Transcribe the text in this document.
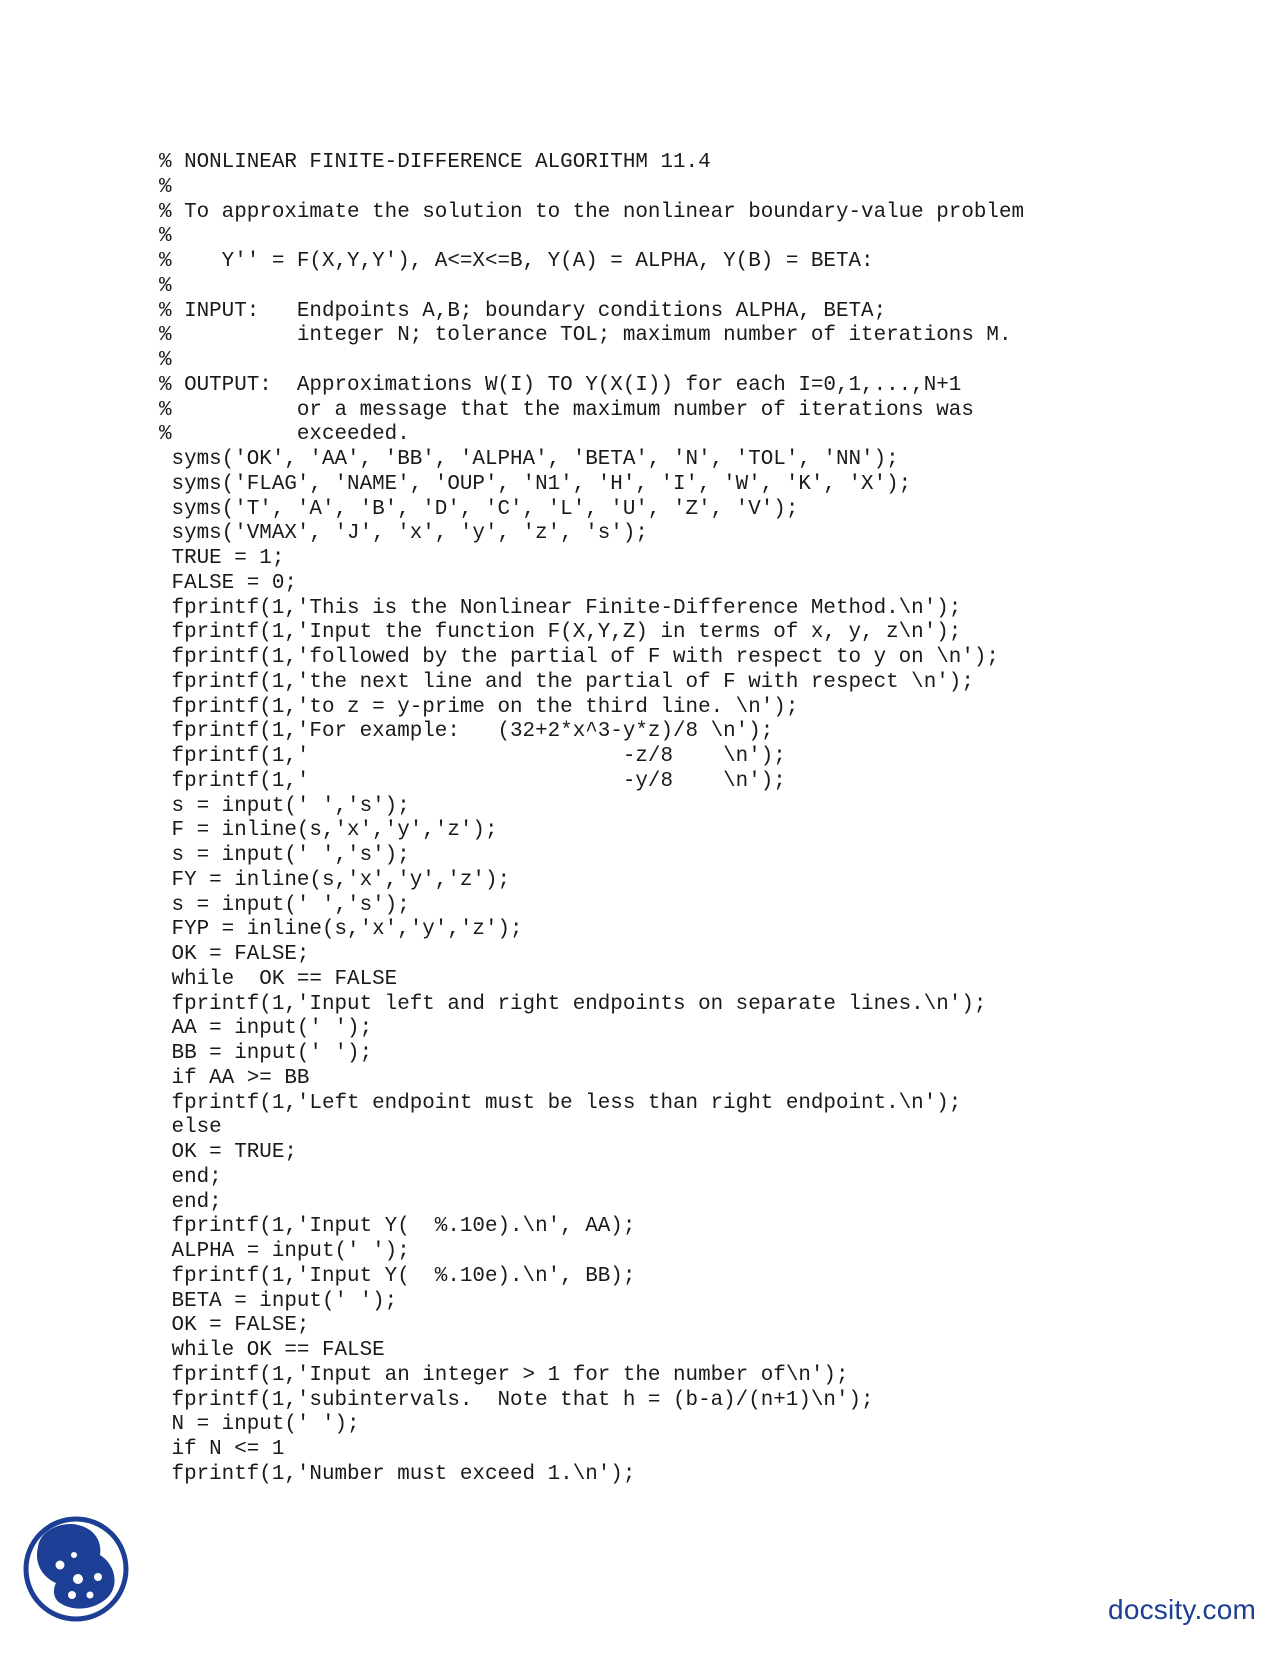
% NONLINEAR FINITE-DIFFERENCE ALGORITHM 11.4
%
% To approximate the solution to the nonlinear boundary-value problem
%
%    Y'' = F(X,Y,Y'), A<=X<=B, Y(A) = ALPHA, Y(B) = BETA:
%
% INPUT:   Endpoints A,B; boundary conditions ALPHA, BETA;
%          integer N; tolerance TOL; maximum number of iterations M.
%
% OUTPUT:  Approximations W(I) TO Y(X(I)) for each I=0,1,...,N+1
%          or a message that the maximum number of iterations was
%          exceeded.
syms('OK', 'AA', 'BB', 'ALPHA', 'BETA', 'N', 'TOL', 'NN');
syms('FLAG', 'NAME', 'OUP', 'N1', 'H', 'I', 'W', 'K', 'X');
syms('T', 'A', 'B', 'D', 'C', 'L', 'U', 'Z', 'V');
syms('VMAX', 'J', 'x', 'y', 'z', 's');
TRUE = 1;
FALSE = 0;
fprintf(1,'This is the Nonlinear Finite-Difference Method.\n');
fprintf(1,'Input the function F(X,Y,Z) in terms of x, y, z\n');
fprintf(1,'followed by the partial of F with respect to y on \n');
fprintf(1,'the next line and the partial of F with respect \n');
fprintf(1,'to z = y-prime on the third line. \n');
fprintf(1,'For example:   (32+2*x^3-y*z)/8 \n');
fprintf(1,'                         -z/8    \n');
fprintf(1,'                         -y/8    \n');
s = input(' ','s');
F = inline(s,'x','y','z');
s = input(' ','s');
FY = inline(s,'x','y','z');
s = input(' ','s');
FYP = inline(s,'x','y','z');
OK = FALSE;
while  OK == FALSE
fprintf(1,'Input left and right endpoints on separate lines.\n');
AA = input(' ');
BB = input(' ');
if AA >= BB
fprintf(1,'Left endpoint must be less than right endpoint.\n');
else
OK = TRUE;
end;
end;
fprintf(1,'Input Y(  %.10e).\n', AA);
ALPHA = input(' ');
fprintf(1,'Input Y(  %.10e).\n', BB);
BETA = input(' ');
OK = FALSE;
while OK == FALSE
fprintf(1,'Input an integer > 1 for the number of\n');
fprintf(1,'subintervals.  Note that h = (b-a)/(n+1)\n');
N = input(' ');
if N <= 1
fprintf(1,'Number must exceed 1.\n');
docsity.com
